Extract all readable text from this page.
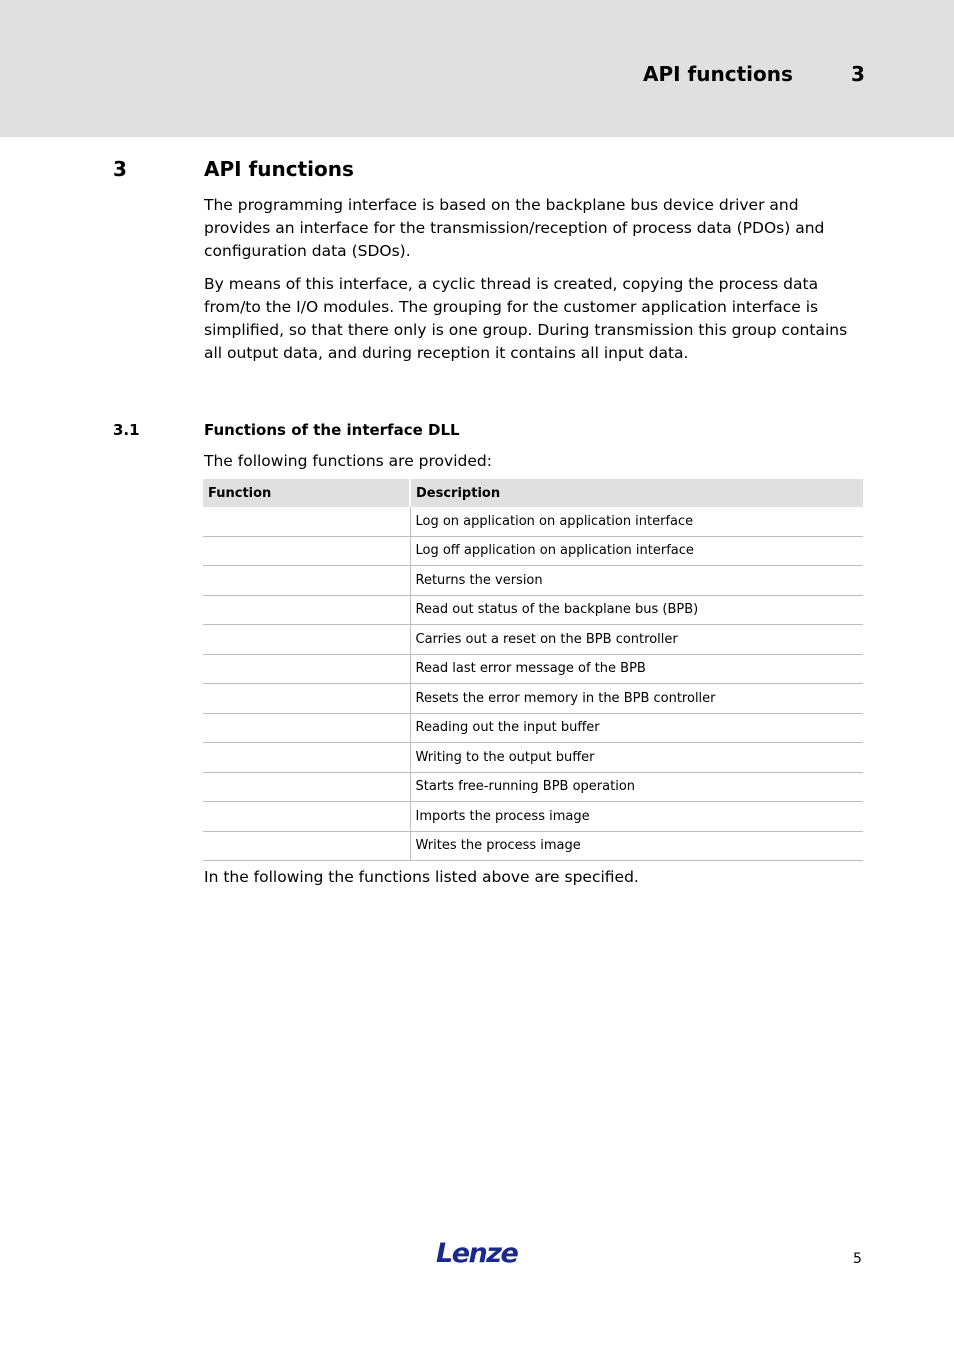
API functions	3
3	API functions

The programming interface is based on the backplane bus device driver and provides an interface for the transmission/reception of process data (PDOs) and configuration data (SDOs).

By means of this interface, a cyclic thread is created, copying the process data from/to the I/O modules. The grouping for the customer application interface is simplified, so that there only is one group. During transmission this group contains all output data, and during reception it contains all input data.

3.1	Functions of the interface DLL
The following functions are provided:
Function	Description
	Log on application on application interface
	Log off application on application interface
	Returns the version
	Read out status of the backplane bus (BPB)
	Carries out a reset on the BPB controller
	Read last error message of the BPB
	Resets the error memory in the BPB controller
	Reading out the input buffer
	Writing to the output buffer
	Starts free-running BPB operation
	Imports the process image
	Writes the process image
In the following the functions listed above are specified.
Lenze	5
